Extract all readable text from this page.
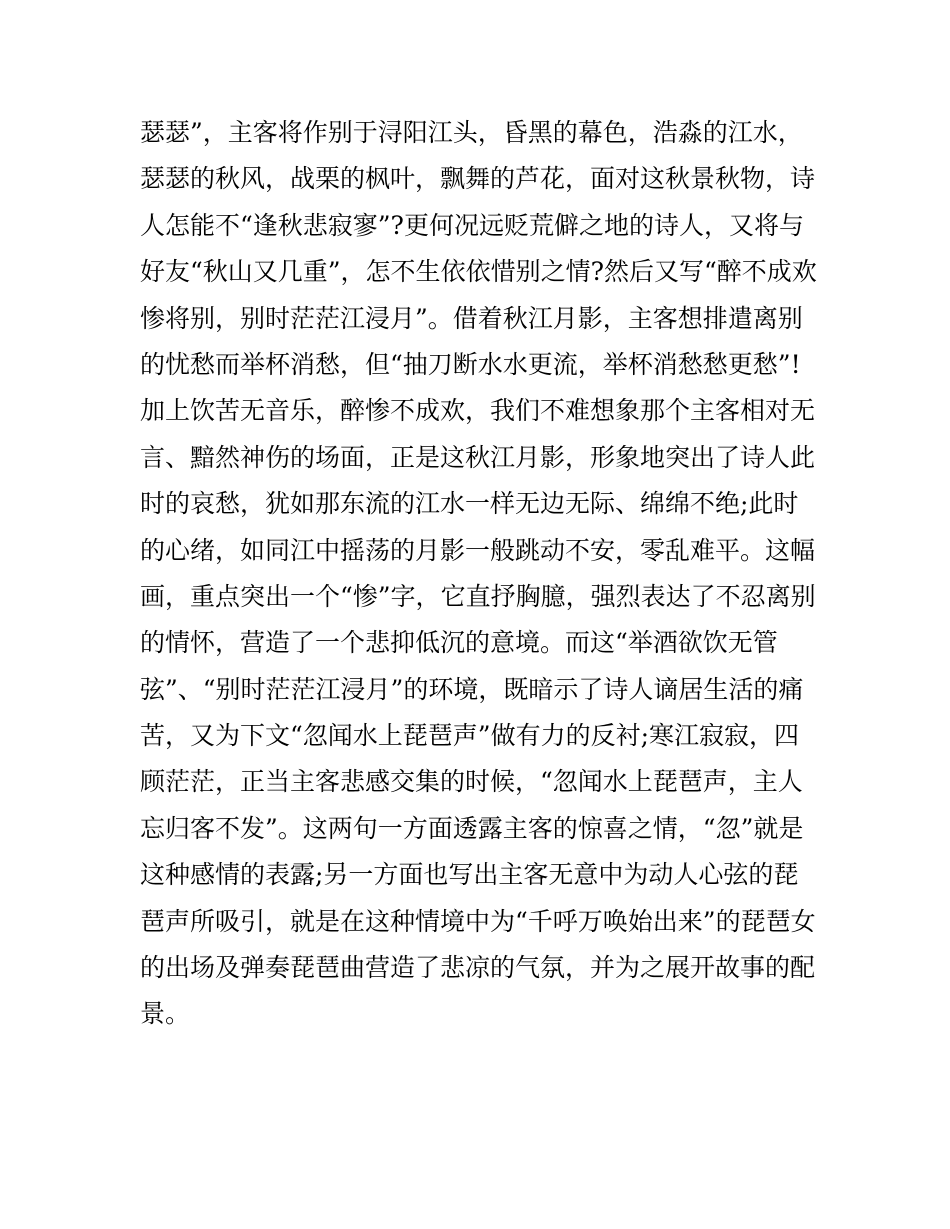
瑟瑟”，主客将作别于浔阳江头，昏黑的幕色，浩淼的江水，
瑟瑟的秋风，战栗的枫叶，飘舞的芦花，面对这秋景秋物，诗
人怎能不“逢秋悲寂寥”?更何况远贬荒僻之地的诗人，又将与
好友“秋山又几重”，怎不生依依惜别之情?然后又写“醉不成欢
惨将别，别时茫茫江浸月”。借着秋江月影，主客想排遣离别
的忧愁而举杯消愁，但“抽刀断水水更流，举杯消愁愁更愁”!
加上饮苦无音乐，醉惨不成欢，我们不难想象那个主客相对无
言、黯然神伤的场面，正是这秋江月影，形象地突出了诗人此
时的哀愁，犹如那东流的江水一样无边无际、绵绵不绝;此时
的心绪，如同江中摇荡的月影一般跳动不安，零乱难平。这幅
画，重点突出一个“惨”字，它直抒胸臆，强烈表达了不忍离别
的情怀，营造了一个悲抑低沉的意境。而这“举酒欲饮无管
弦”、“别时茫茫江浸月”的环境，既暗示了诗人谪居生活的痛
苦，又为下文“忽闻水上琵琶声”做有力的反衬;寒江寂寂，四
顾茫茫，正当主客悲感交集的时候，“忽闻水上琵琶声，主人
忘归客不发”。这两句一方面透露主客的惊喜之情，“忽”就是
这种感情的表露;另一方面也写出主客无意中为动人心弦的琵
琶声所吸引，就是在这种情境中为“千呼万唤始出来”的琵琶女
的出场及弹奏琵琶曲营造了悲凉的气氛，并为之展开故事的配
景。
